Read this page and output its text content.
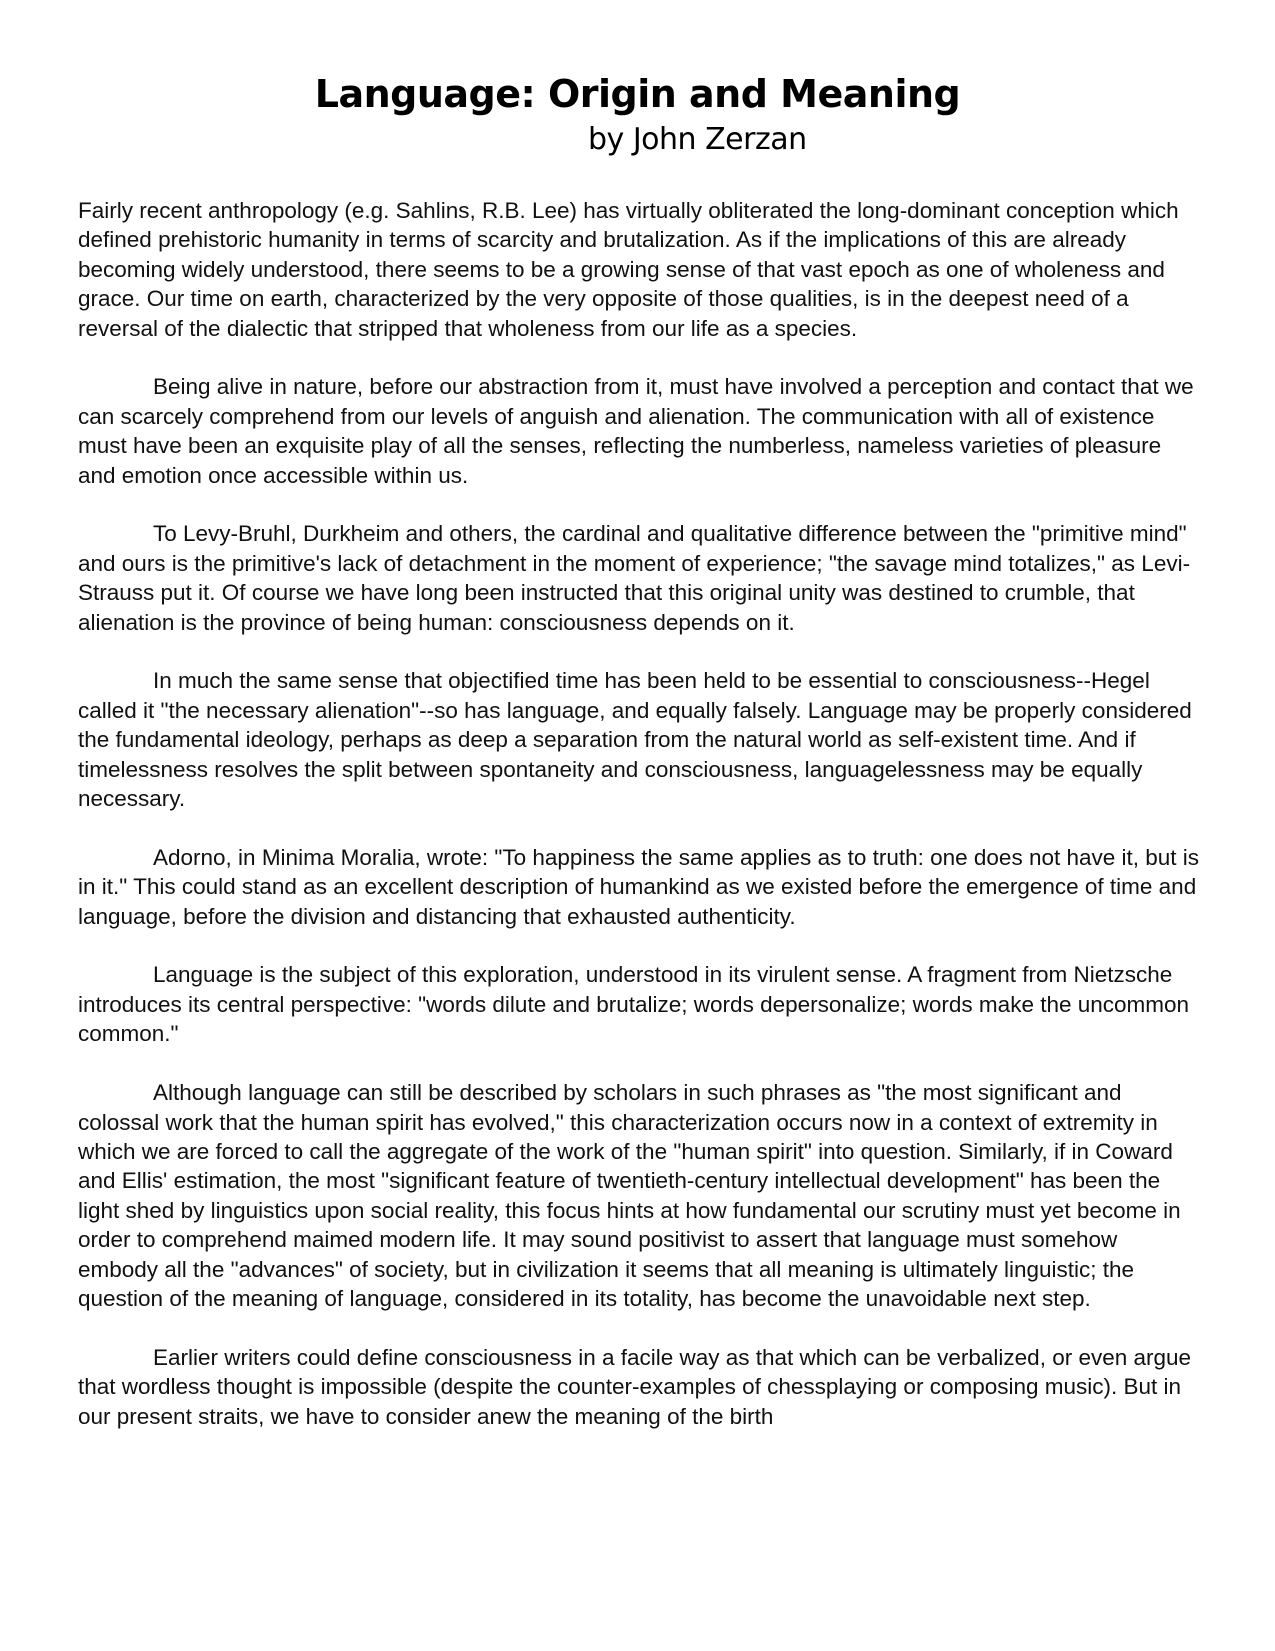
Language: Origin and Meaning
by John Zerzan

Fairly recent anthropology (e.g. Sahlins, R.B. Lee) has virtually obliterated the long-dominant conception which defined prehistoric humanity in terms of scarcity and brutalization. As if the implications of this are already becoming widely understood, there seems to be a growing sense of that vast epoch as one of wholeness and grace. Our time on earth, characterized by the very opposite of those qualities, is in the deepest need of a reversal of the dialectic that stripped that wholeness from our life as a species.

Being alive in nature, before our abstraction from it, must have involved a perception and contact that we can scarcely comprehend from our levels of anguish and alienation. The communication with all of existence must have been an exquisite play of all the senses, reflecting the numberless, nameless varieties of pleasure and emotion once accessible within us.

To Levy-Bruhl, Durkheim and others, the cardinal and qualitative difference between the "primitive mind" and ours is the primitive's lack of detachment in the moment of experience; "the savage mind totalizes," as Levi-Strauss put it. Of course we have long been instructed that this original unity was destined to crumble, that alienation is the province of being human: consciousness depends on it.

In much the same sense that objectified time has been held to be essential to consciousness--Hegel called it "the necessary alienation"--so has language, and equally falsely. Language may be properly considered the fundamental ideology, perhaps as deep a separation from the natural world as self-existent time. And if timelessness resolves the split between spontaneity and consciousness, languagelessness may be equally necessary.

Adorno, in Minima Moralia, wrote: "To happiness the same applies as to truth: one does not have it, but is in it." This could stand as an excellent description of humankind as we existed before the emergence of time and language, before the division and distancing that exhausted authenticity.

Language is the subject of this exploration, understood in its virulent sense. A fragment from Nietzsche introduces its central perspective: "words dilute and brutalize; words depersonalize; words make the uncommon common."

Although language can still be described by scholars in such phrases as "the most significant and colossal work that the human spirit has evolved," this characterization occurs now in a context of extremity in which we are forced to call the aggregate of the work of the "human spirit" into question. Similarly, if in Coward and Ellis' estimation, the most "significant feature of twentieth-century intellectual development" has been the light shed by linguistics upon social reality, this focus hints at how fundamental our scrutiny must yet become in order to comprehend maimed modern life. It may sound positivist to assert that language must somehow embody all the "advances" of society, but in civilization it seems that all meaning is ultimately linguistic; the question of the meaning of language, considered in its totality, has become the unavoidable next step.

Earlier writers could define consciousness in a facile way as that which can be verbalized, or even argue that wordless thought is impossible (despite the counter-examples of chessplaying or composing music). But in our present straits, we have to consider anew the meaning of the birth
